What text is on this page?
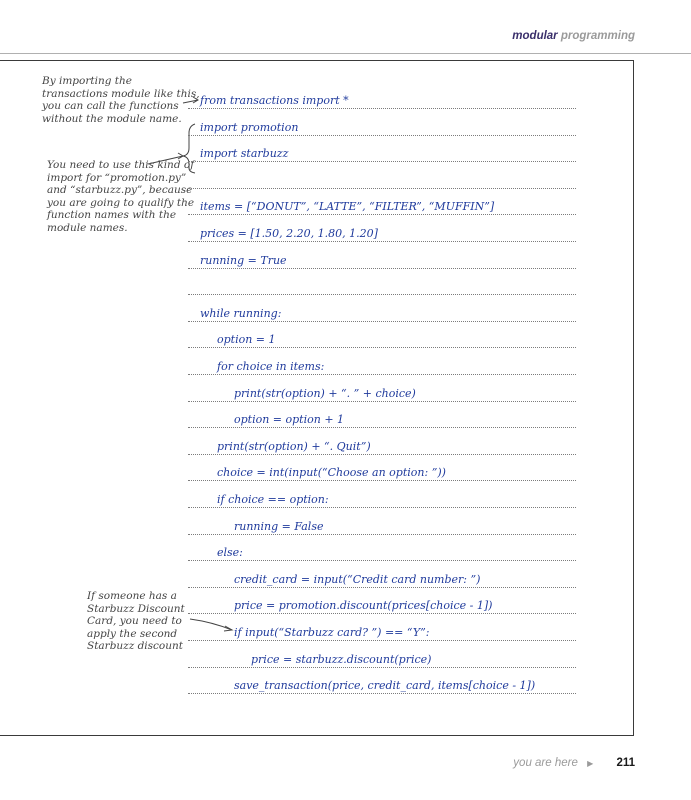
modular programming
By importing the
transactions module like this,
you can call the functions
without the module name.
You need to use this kind of
import for “promotion.py”
and “starbuzz.py”, because
you are going to qualify the
function names with the
module names.
If someone has a
Starbuzz Discount
Card, you need to
apply the second
Starbuzz discount
from transactions import *
import promotion
import starbuzz
items = [“DONUT”, “LATTE”, “FILTER”, “MUFFIN”]
prices = [1.50, 2.20, 1.80, 1.20]
running = True
while running:
option = 1
for choice in items:
print(str(option) + “. ” + choice)
option = option + 1
print(str(option) + “. Quit”)
choice = int(input(“Choose an option: ”))
if choice == option:
running = False
else:
credit_card = input(“Credit card number: ”)
price = promotion.discount(prices[choice - 1])
if input(“Starbuzz card? ”) == “Y”:
price = starbuzz.discount(price)
save_transaction(price, credit_card, items[choice - 1])
you are here ▶ 211
